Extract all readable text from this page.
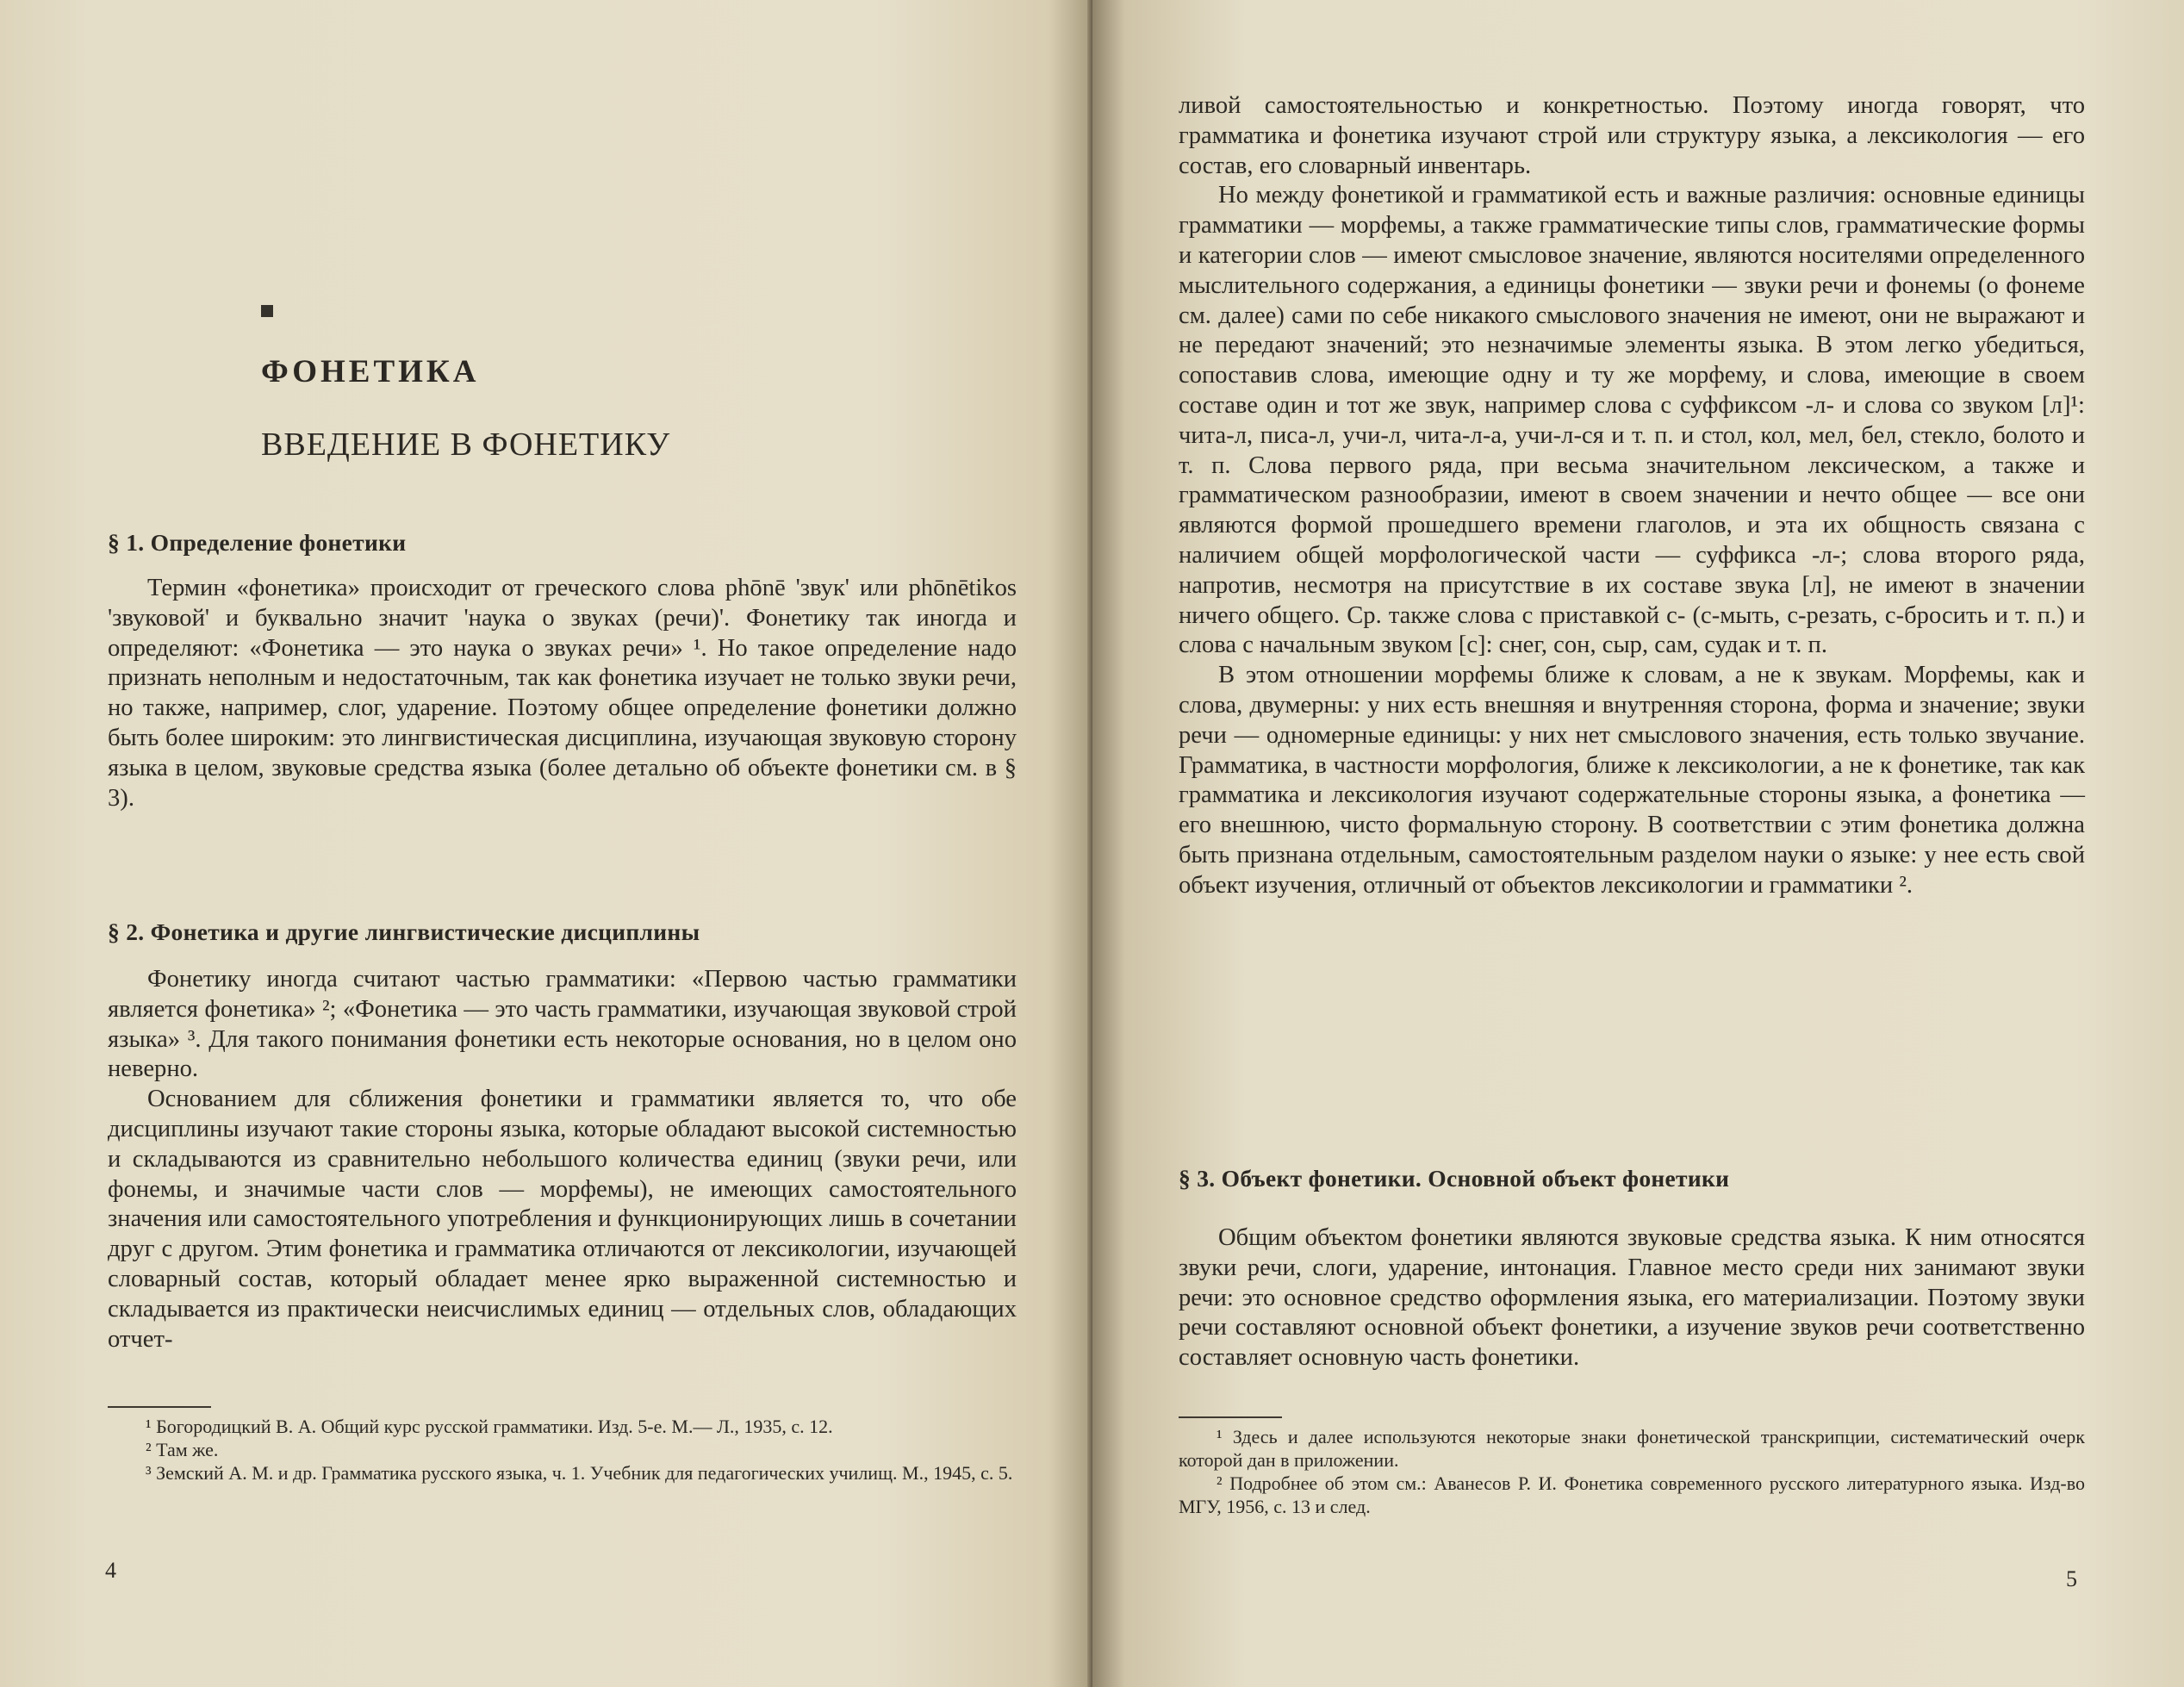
ФОНЕТИКА
ВВЕДЕНИЕ В ФОНЕТИКУ
§ 1. Определение фонетики

Термин «фонетика» происходит от греческого слова phōnē 'звук' или phōnētikos 'звуковой' и буквально значит 'наука о звуках (речи)'. Фонетику так иногда и определяют: «Фонетика — это наука о звуках речи» ¹. Но такое определение надо признать неполным и недостаточным, так как фонетика изучает не только звуки речи, но также, например, слог, ударение. Поэтому общее определение фонетики должно быть более широким: это лингвистическая дисциплина, изучающая звуковую сторону языка в целом, звуковые средства языка (более детально об объекте фонетики см. в § 3).

§ 2. Фонетика и другие лингвистические дисциплины

Фонетику иногда считают частью грамматики: «Первою частью грамматики является фонетика» ²; «Фонетика — это часть грамматики, изучающая звуковой строй языка» ³. Для такого понимания фонетики есть некоторые основания, но в целом оно неверно.

Основанием для сближения фонетики и грамматики является то, что обе дисциплины изучают такие стороны языка, которые обладают высокой системностью и складываются из сравнительно небольшого количества единиц (звуки речи, или фонемы, и значимые части слов — морфемы), не имеющих самостоятельного значения или самостоятельного употребления и функционирующих лишь в сочетании друг с другом. Этим фонетика и грамматика отличаются от лексикологии, изучающей словарный состав, который обладает менее ярко выраженной системностью и складывается из практически неисчислимых единиц — отдельных слов, обладающих отчет-

¹ Богородицкий В. А. Общий курс русской грамматики. Изд. 5-е. М.— Л., 1935, с. 12.

² Там же.

³ Земский А. М. и др. Грамматика русского языка, ч. 1. Учебник для педагогических училищ. М., 1945, с. 5.

4

ливой самостоятельностью и конкретностью. Поэтому иногда говорят, что грамматика и фонетика изучают строй или структуру языка, а лексикология — его состав, его словарный инвентарь.

Но между фонетикой и грамматикой есть и важные различия: основные единицы грамматики — морфемы, а также грамматические типы слов, грамматические формы и категории слов — имеют смысловое значение, являются носителями определенного мыслительного содержания, а единицы фонетики — звуки речи и фонемы (о фонеме см. далее) сами по себе никакого смыслового значения не имеют, они не выражают и не передают значений; это незначимые элементы языка. В этом легко убедиться, сопоставив слова, имеющие одну и ту же морфему, и слова, имеющие в своем составе один и тот же звук, например слова с суффиксом -л- и слова со звуком [л]¹: чита-л, писа-л, учи-л, чита-л-а, учи-л-ся и т. п. и стол, кол, мел, бел, стекло, болото и т. п. Слова первого ряда, при весьма значительном лексическом, а также и грамматическом разнообразии, имеют в своем значении и нечто общее — все они являются формой прошедшего времени глаголов, и эта их общность связана с наличием общей морфологической части — суффикса -л-; слова второго ряда, напротив, несмотря на присутствие в их составе звука [л], не имеют в значении ничего общего. Ср. также слова с приставкой с- (с-мыть, с-резать, с-бросить и т. п.) и слова с начальным звуком [с]: снег, сон, сыр, сам, судак и т. п.

В этом отношении морфемы ближе к словам, а не к звукам. Морфемы, как и слова, двумерны: у них есть внешняя и внутренняя сторона, форма и значение; звуки речи — одномерные единицы: у них нет смыслового значения, есть только звучание. Грамматика, в частности морфология, ближе к лексикологии, а не к фонетике, так как грамматика и лексикология изучают содержательные стороны языка, а фонетика — его внешнюю, чисто формальную сторону. В соответствии с этим фонетика должна быть признана отдельным, самостоятельным разделом науки о языке: у нее есть свой объект изучения, отличный от объектов лексикологии и грамматики ².

§ 3. Объект фонетики. Основной объект фонетики

Общим объектом фонетики являются звуковые средства языка. К ним относятся звуки речи, слоги, ударение, интонация. Главное место среди них занимают звуки речи: это основное средство оформления языка, его материализации. Поэтому звуки речи составляют основной объект фонетики, а изучение звуков речи соответственно составляет основную часть фонетики.

¹ Здесь и далее используются некоторые знаки фонетической транскрипции, систематический очерк которой дан в приложении.

² Подробнее об этом см.: Аванесов Р. И. Фонетика современного русского литературного языка. Изд-во МГУ, 1956, с. 13 и след.

5
